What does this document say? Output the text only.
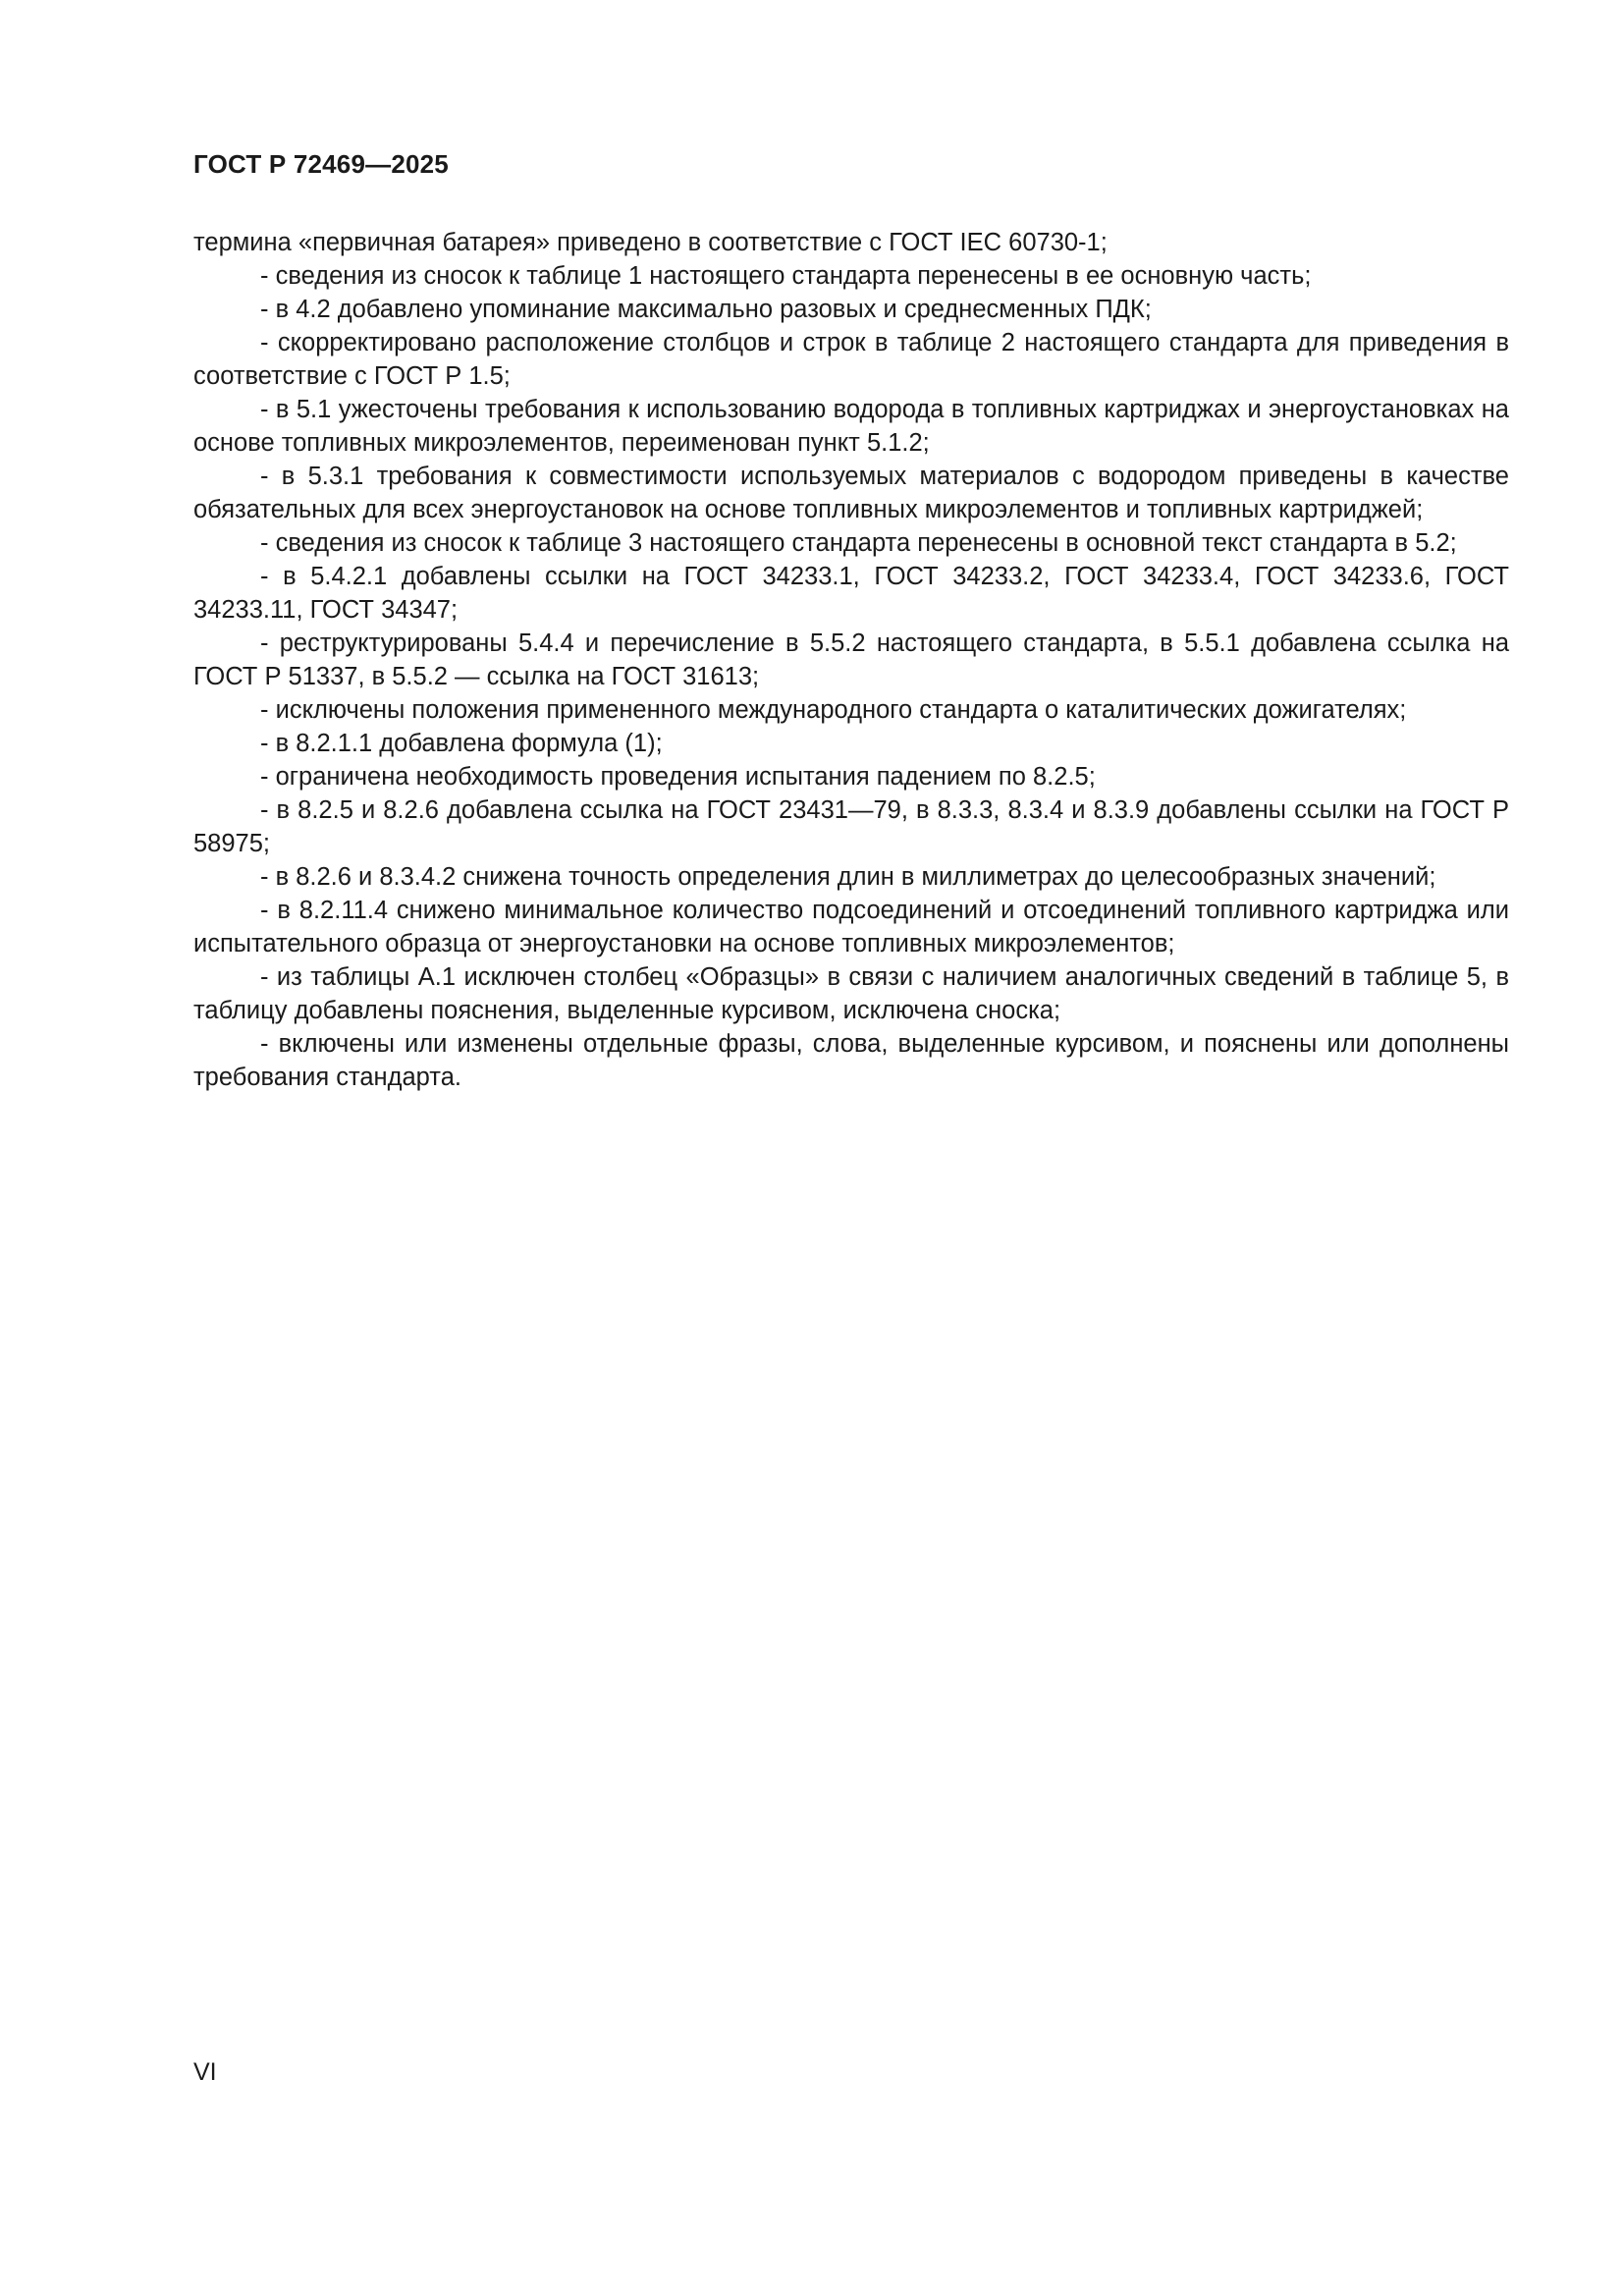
ГОСТ Р 72469—2025

термина «первичная батарея» приведено в соответствие с ГОСТ IEC 60730-1;

- сведения из сносок к таблице 1 настоящего стандарта перенесены в ее основную часть;

- в 4.2 добавлено упоминание максимально разовых и среднесменных ПДК;

- скорректировано расположение столбцов и строк в таблице 2 настоящего стандарта для приведения в соответствие с ГОСТ Р 1.5;

- в 5.1 ужесточены требования к использованию водорода в топливных картриджах и энергоустановках на основе топливных микроэлементов, переименован пункт 5.1.2;

- в 5.3.1 требования к совместимости используемых материалов с водородом приведены в качестве обязательных для всех энергоустановок на основе топливных микроэлементов и топливных картриджей;

- сведения из сносок к таблице 3 настоящего стандарта перенесены в основной текст стандарта в 5.2;

- в 5.4.2.1 добавлены ссылки на ГОСТ 34233.1, ГОСТ 34233.2, ГОСТ 34233.4, ГОСТ 34233.6, ГОСТ 34233.11, ГОСТ 34347;

- реструктурированы 5.4.4 и перечисление в 5.5.2 настоящего стандарта, в 5.5.1 добавлена ссылка на ГОСТ Р 51337, в 5.5.2 — ссылка на ГОСТ 31613;

- исключены положения примененного международного стандарта о каталитических дожигателях;

- в 8.2.1.1 добавлена формула (1);

- ограничена необходимость проведения испытания падением по 8.2.5;

- в 8.2.5 и 8.2.6 добавлена ссылка на ГОСТ 23431—79, в 8.3.3, 8.3.4 и 8.3.9 добавлены ссылки на ГОСТ Р 58975;

- в 8.2.6 и 8.3.4.2 снижена точность определения длин в миллиметрах до целесообразных значений;

- в 8.2.11.4 снижено минимальное количество подсоединений и отсоединений топливного картриджа или испытательного образца от энергоустановки на основе топливных микроэлементов;

- из таблицы А.1 исключен столбец «Образцы» в связи с наличием аналогичных сведений в таблице 5, в таблицу добавлены пояснения, выделенные курсивом, исключена сноска;

- включены или изменены отдельные фразы, слова, выделенные курсивом, и пояснены или дополнены требования стандарта.

VI
